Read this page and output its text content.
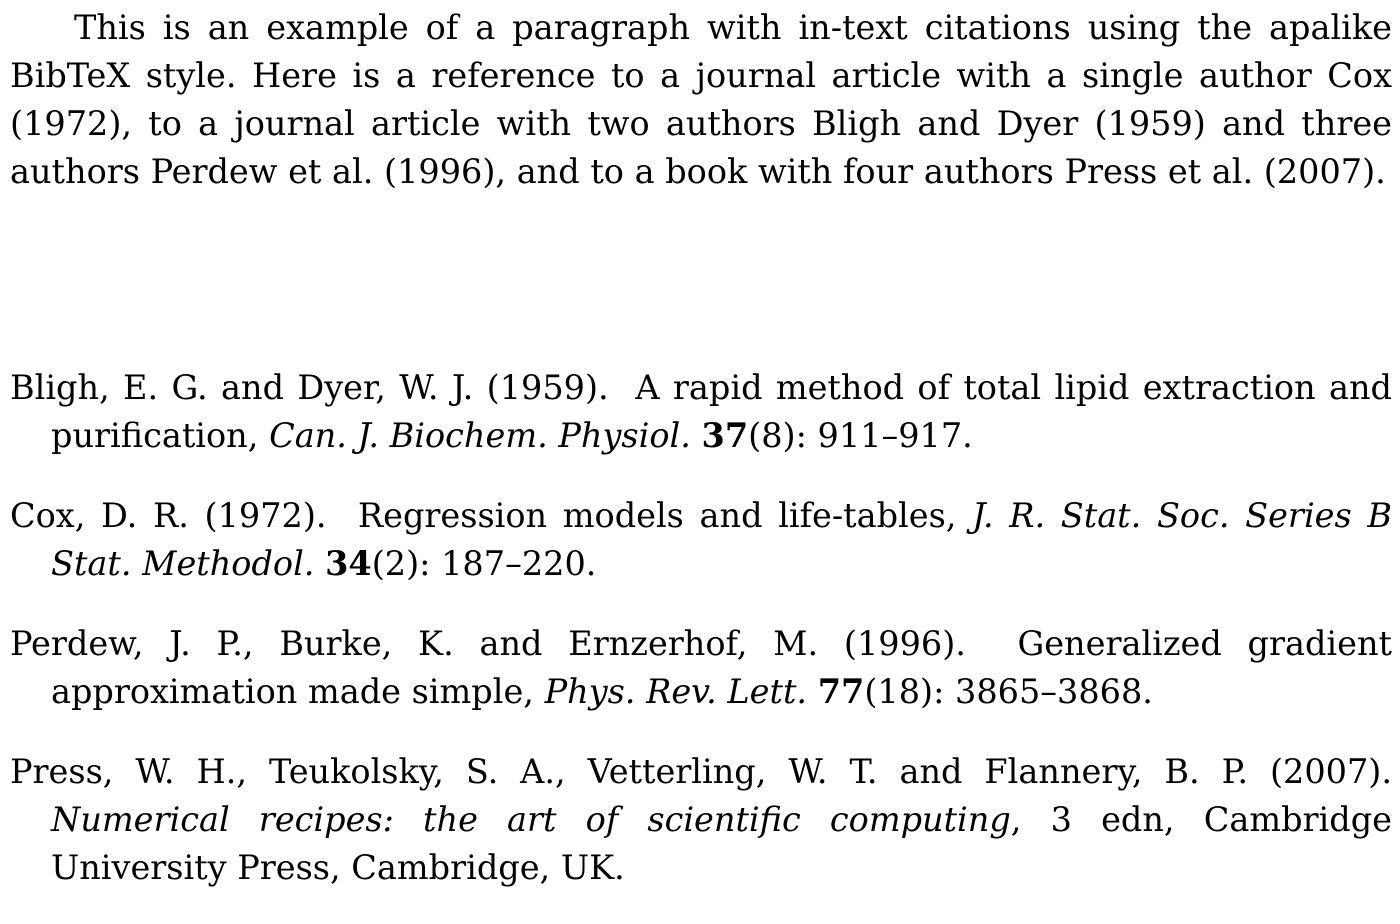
This is an example of a paragraph with in-text citations using the apalike BibTeX style. Here is a reference to a journal article with a single author Cox (1972), to a journal article with two authors Bligh and Dyer (1959) and three authors Perdew et al. (1996), and to a book with four authors Press et al. (2007).

Bligh, E. G. and Dyer, W. J. (1959). A rapid method of total lipid extraction and purification, Can. J. Biochem. Physiol. 37(8): 911–917.

Cox, D. R. (1972). Regression models and life-tables, J. R. Stat. Soc. Series B Stat. Methodol. 34(2): 187–220.

Perdew, J. P., Burke, K. and Ernzerhof, M. (1996). Generalized gradient approximation made simple, Phys. Rev. Lett. 77(18): 3865–3868.

Press, W. H., Teukolsky, S. A., Vetterling, W. T. and Flannery, B. P. (2007). Numerical recipes: the art of scientific computing, 3 edn, Cambridge University Press, Cambridge, UK.
